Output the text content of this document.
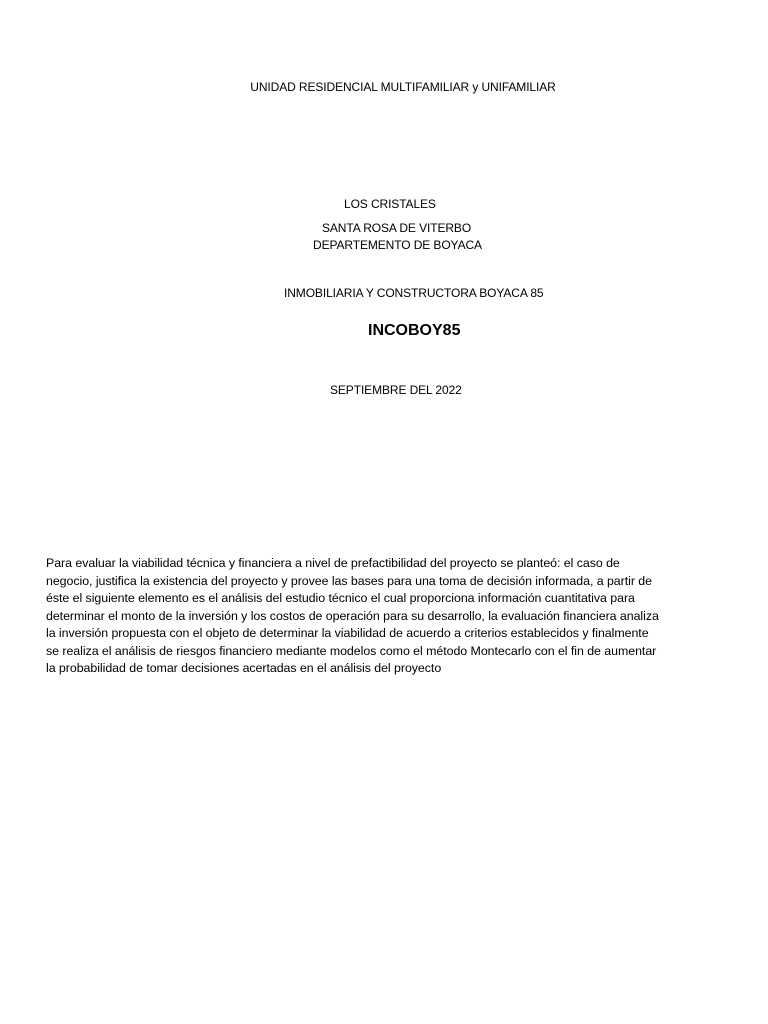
UNIDAD RESIDENCIAL MULTIFAMILIAR y UNIFAMILIAR
LOS CRISTALES
SANTA ROSA DE VITERBO
DEPARTEMENTO DE BOYACA
INMOBILIARIA Y CONSTRUCTORA BOYACA 85
INCOBOY85
SEPTIEMBRE DEL 2022
Para evaluar la viabilidad técnica y financiera a nivel de prefactibilidad del proyecto se planteó: el caso de
negocio, justifica la existencia del proyecto y provee las bases para una toma de decisión informada, a partir de
éste el siguiente elemento es el análisis del estudio técnico el cual proporciona información cuantitativa para
determinar el monto de la inversión y los costos de operación para su desarrollo, la evaluación financiera analiza
la inversión propuesta con el objeto de determinar la viabilidad de acuerdo a criterios establecidos y finalmente
se realiza el análisis de riesgos financiero mediante modelos como el método Montecarlo con el fin de aumentar
la probabilidad de tomar decisiones acertadas en el análisis del proyecto
